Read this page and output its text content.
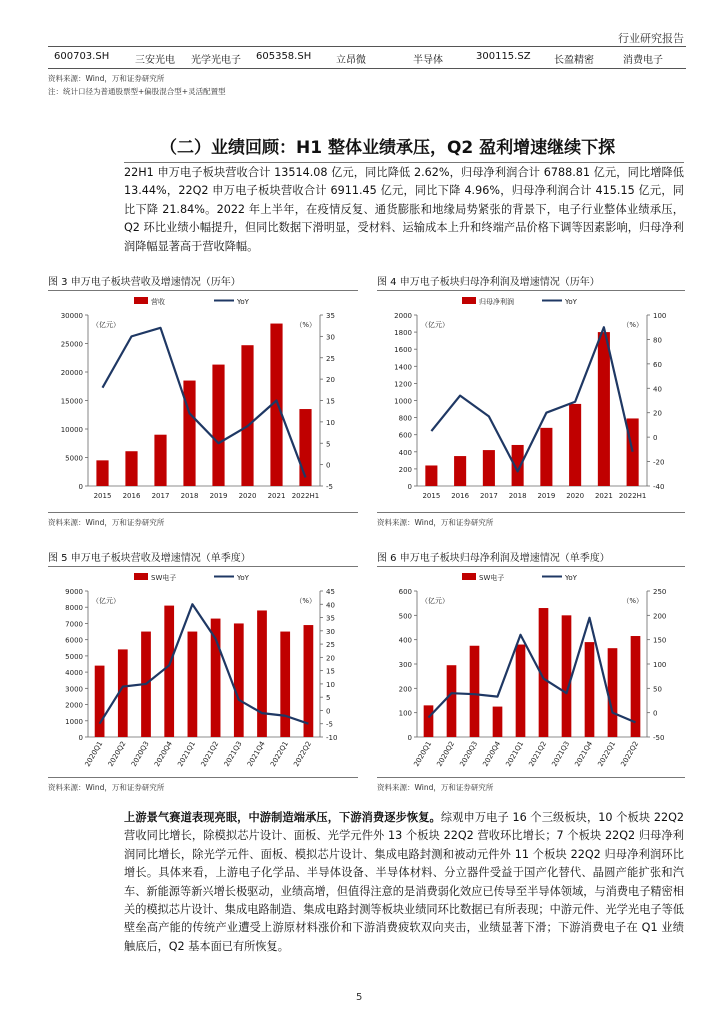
行业研究报告
600703.SH	三安光电 光学光电子 605358.SH 立昂微	半导体	300115.SZ 长盈精密	消费电子
资料来源：Wind，万和证券研究所
注：统计口径为普通股票型+偏股混合型+灵活配置型
（二）业绩回顾：H1 整体业绩承压，Q2 盈利增速继续下探
22H1 申万电子板块营收合计 13514.08 亿元，同比降低 2.62%，归母净利润合计 6788.81 亿元，同比增降低 13.44%，22Q2 申万电子板块营收合计 6911.45 亿元，同比下降 4.96%，归母净利润合计 415.15 亿元，同比下降 21.84%。2022 年上半年，在疫情反复、通货膨胀和地缘局势紧张的背景下，电子行业整体业绩承压，Q2 环比业绩小幅提升，但同比数据下滑明显，受材料、运输成本上升和终端产品价格下调等因素影响，归母净利润降幅显著高于营收降幅。
图 3 申万电子板块营收及增速情况（历年）	图 4 申万电子板块归母净利润及增速情况（历年）
0
5000
10000
15000
20000
25000
30000
-5
0
5
10
15
20
25
30
35
（亿元）	（%）
营收	YoY
2015 2016 2017 2018 2019 2020 2021 2022H1
0
200
400
600
800
1000
1200
1400
1600
1800
2000
-40
-20
0
20
40
60
80
100
（亿元）	（%）
归母净利润	YoY
2015 2016 2017 2018 2019 2020 2021 2022H1
资料来源：Wind，万和证券研究所	资料来源：Wind，万和证券研究所
图 5 申万电子板块营收及增速情况（单季度）	图 6 申万电子板块归母净利润及增速情况（单季度）
0
1000
2000
3000
4000
5000
6000
7000
8000
9000
-10
-5
0
5
10
15
20
25
30
35
40
45
（亿元）	（%）
SW电子	YoY
2020Q1 2020Q2 2020Q3 2020Q4 2021Q1 2021Q2 2021Q3 2021Q4 2022Q1 2022Q2
0
100
200
300
400
500
600
-50
0
50
100
150
200
250
（亿元）	（%）
SW电子	YoY
2020Q1 2020Q2 2020Q3 2020Q4 2021Q1 2021Q2 2021Q3 2021Q4 2022Q1 2022Q2
资料来源：Wind，万和证券研究所	资料来源：Wind，万和证券研究所
上游景气赛道表现亮眼，中游制造端承压，下游消费逐步恢复。综观申万电子 16 个三级板块，10 个板块 22Q2 营收同比增长，除模拟芯片设计、面板、光学元件外 13 个板块 22Q2 营收环比增长；7 个板块 22Q2 归母净利润同比增长，除光学元件、面板、模拟芯片设计、集成电路封测和被动元件外 11 个板块 22Q2 归母净利润环比增长。具体来看，上游电子化学品、半导体设备、半导体材料、分立器件受益于国产化替代、晶圆产能扩张和汽车、新能源等新兴增长极驱动，业绩高增，但值得注意的是消费弱化效应已传导至半导体领域，与消费电子精密相关的模拟芯片设计、集成电路制造、集成电路封测等板块业绩同环比数据已有所表现；中游元件、光学光电子等低壁垒高产能的传统产业遭受上游原材料涨价和下游消费疲软双向夹击，业绩显著下滑；下游消费电子在 Q1 业绩触底后，Q2 基本面已有所恢复。
5
